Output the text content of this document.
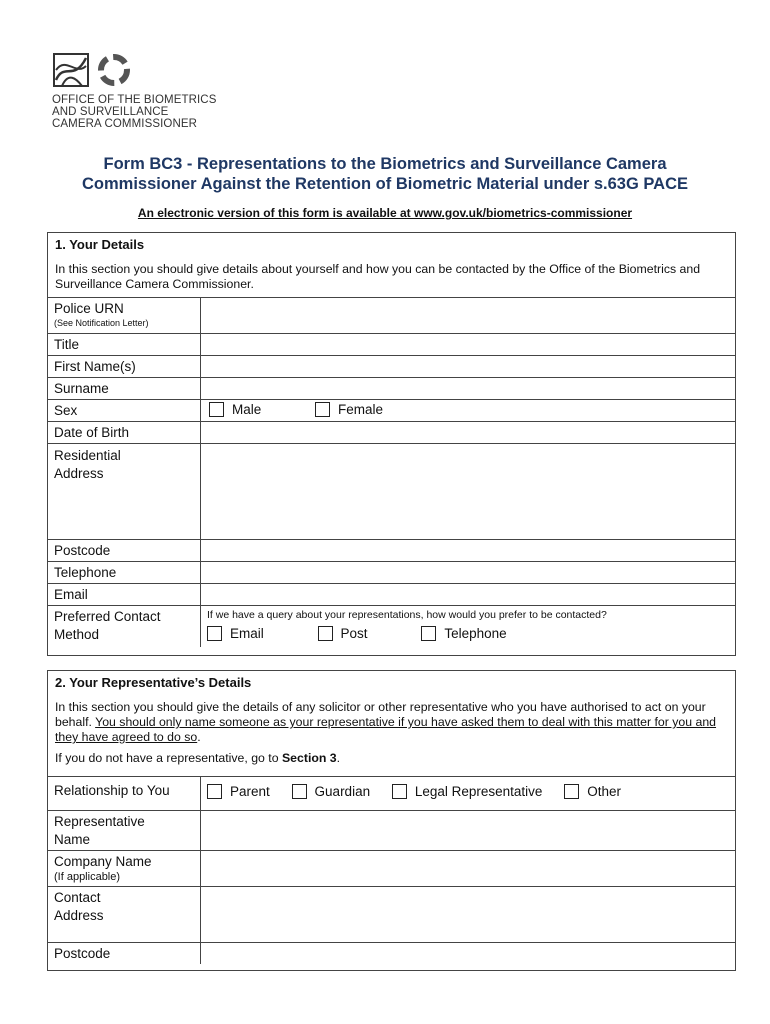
OFFICE OF THE BIOMETRICS
AND SURVEILLANCE
CAMERA COMMISSIONER
Form BC3 - Representations to the Biometrics and Surveillance Camera
Commissioner Against the Retention of Biometric Material under s.63G PACE
An electronic version of this form is available at www.gov.uk/biometrics-commissioner
1. Your Details
In this section you should give details about yourself and how you can be contacted by the Office of the Biometrics and Surveillance Camera Commissioner.
Police URN
(See Notification Letter)
Title
First Name(s)
Surname
Sex	Male
	Female
Date of Birth
Residential
Address
Postcode
Telephone
Email
Preferred Contact
Method
If we have a query about your representations, how would you prefer to be contacted?
Email
	Post
	Telephone
2. Your Representative’s Details
In this section you should give the details of any solicitor or other representative who you have authorised to act on your behalf. You should only name someone as your representative if you have asked them to deal with this matter for you and they have agreed to do so.
If you do not have a representative, go to Section 3.
Relationship to You	Parent
	Guardian
	Legal Representative
	Other
Representative
Name
Company Name
(If applicable)
Contact
Address
Postcode
